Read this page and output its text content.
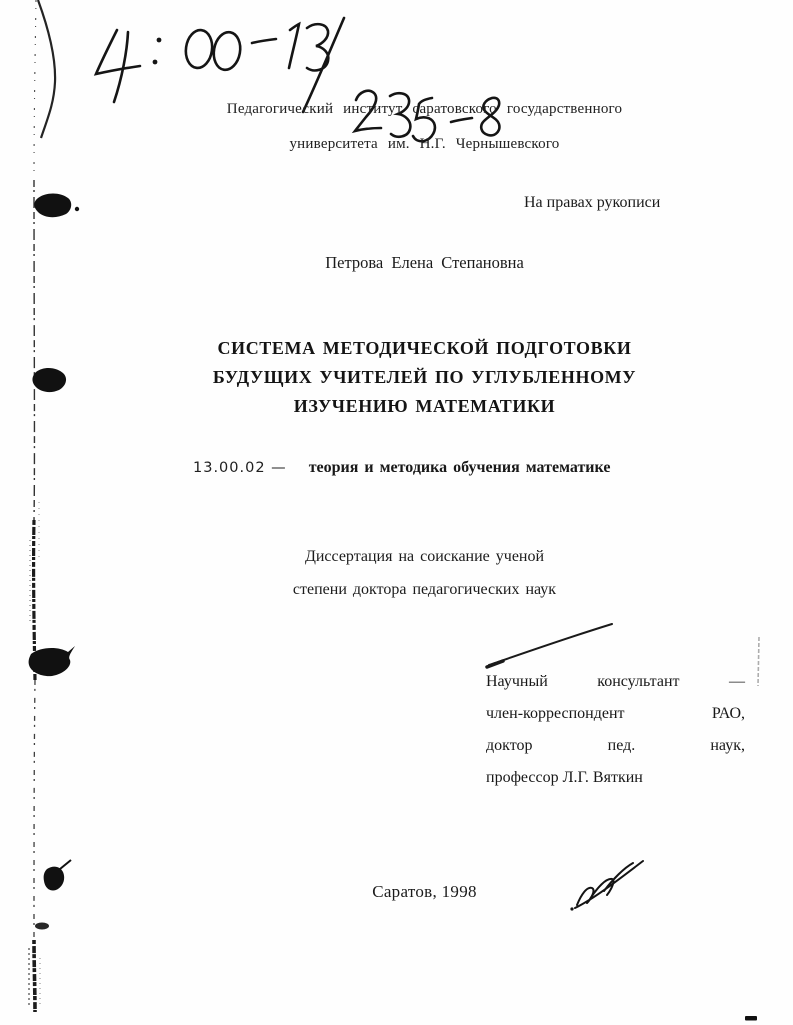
Педагогический институт саратовского государственного
университета им. Н.Г. Чернышевского
На правах рукописи
Петрова Елена Степановна
СИСТЕМА МЕТОДИЧЕСКОЙ ПОДГОТОВКИ
БУДУЩИХ УЧИТЕЛЕЙ ПО УГЛУБЛЕННОМУ
ИЗУЧЕНИЮ МАТЕМАТИКИ
13.00.02 — теория и методика обучения математике
Диссертация на соискание ученой
степени доктора педагогических наук
Научный консультант —
член-корреспондент РАО,
доктор	пед.	наук,
профессор Л.Г. Вяткин
Саратов, 1998
